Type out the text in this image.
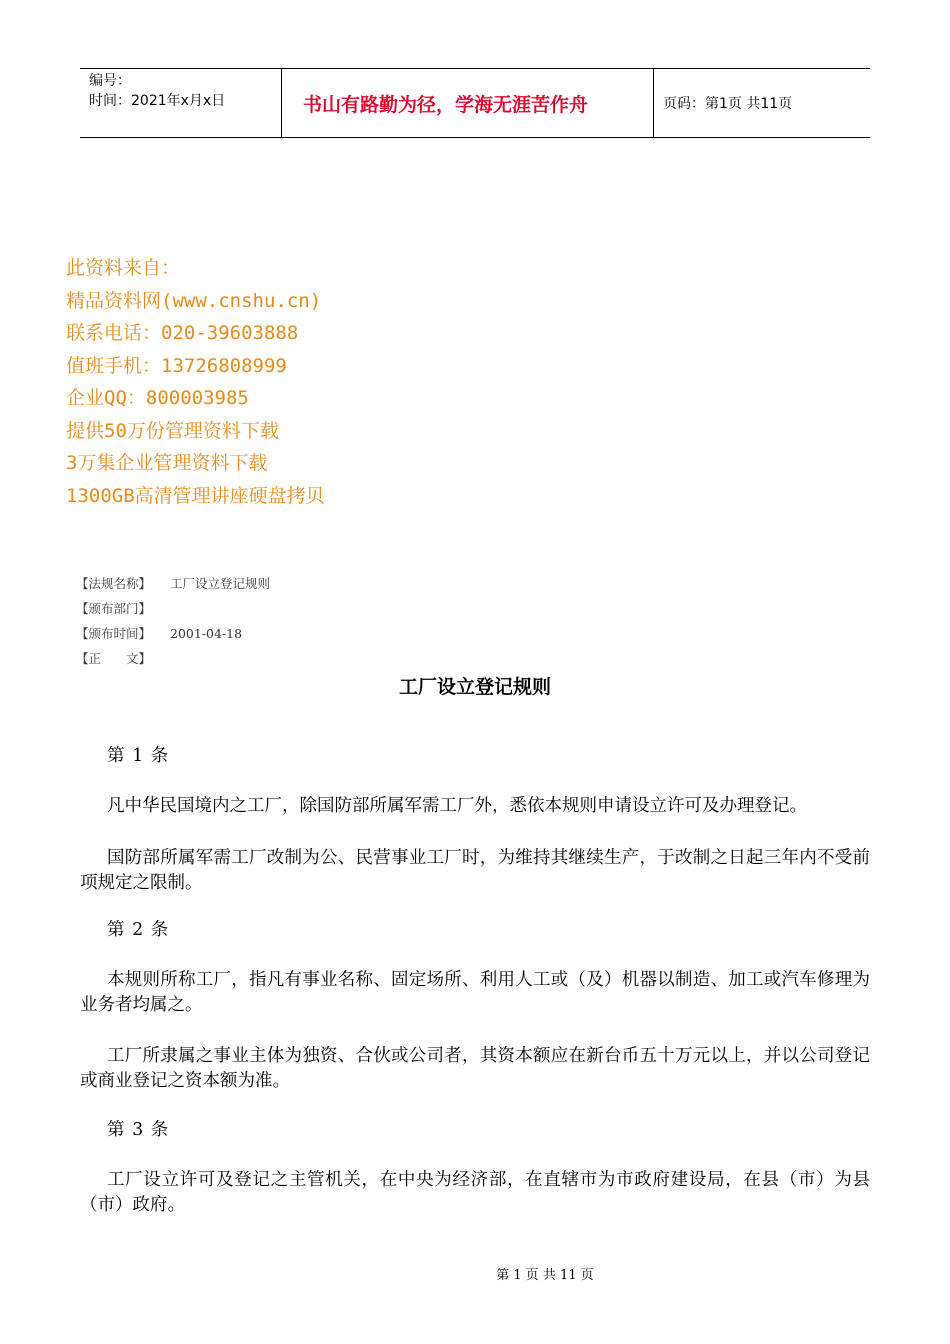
编号：
时间：2021年x月x日	书山有路勤为径，学海无涯苦作舟	页码：第1页 共11页
此资料来自：
精品资料网(www.cnshu.cn)
联系电话：020-39603888
值班手机：13726808999
企业QQ：800003985
提供50万份管理资料下载
3万集企业管理资料下载
1300GB高清管理讲座硬盘拷贝
【法规名称】	工厂设立登记规则
【颁布部门】
【颁布时间】	2001-04-18
【正　　文】
工厂设立登记规则

第 1 条

凡中华民国境内之工厂，除国防部所属军需工厂外，悉依本规则申请设立许可及办理登记。

国防部所属军需工厂改制为公、民营事业工厂时，为维持其继续生产，于改制之日起三年内不受前项规定之限制。

第 2 条

本规则所称工厂，指凡有事业名称、固定场所、利用人工或（及）机器以制造、加工或汽车修理为业务者均属之。

工厂所隶属之事业主体为独资、合伙或公司者，其资本额应在新台币五十万元以上，并以公司登记或商业登记之资本额为准。

第 3 条

工厂设立许可及登记之主管机关，在中央为经济部，在直辖市为市政府建设局，在县（市）为县（市）政府。

第 1 页 共 11 页
